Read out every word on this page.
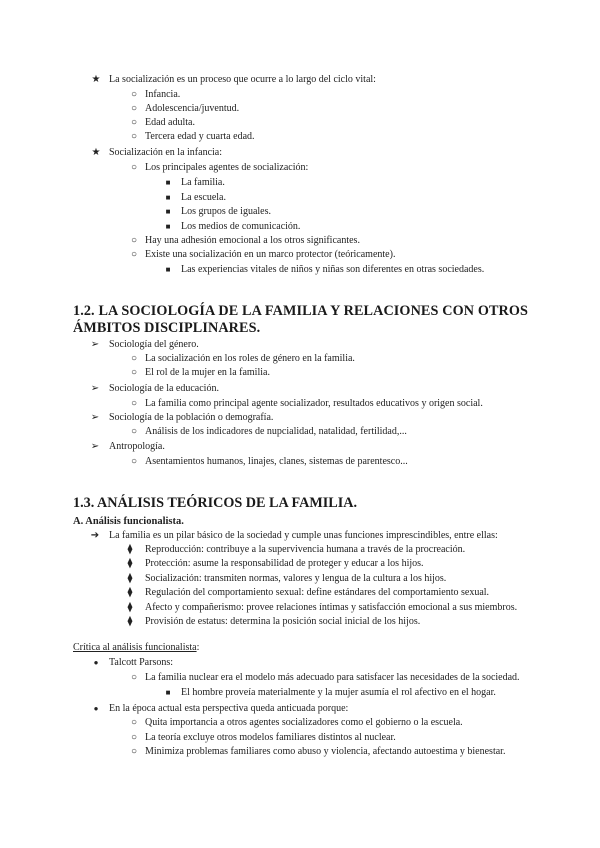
★ La socialización es un proceso que ocurre a lo largo del ciclo vital:
○ Infancia.
○ Adolescencia/juventud.
○ Edad adulta.
○ Tercera edad y cuarta edad.
★ Socialización en la infancia:
○ Los principales agentes de socialización:
■	La familia.
■	La escuela.
■	Los grupos de iguales.
■	Los medios de comunicación.
○ Hay una adhesión emocional a los otros significantes.
○ Existe una socialización en un marco protector (teóricamente).
■	Las experiencias vitales de niños y niñas son diferentes en otras sociedades.
1.2. LA SOCIOLOGÍA DE LA FAMILIA Y RELACIONES CON OTROS ÁMBITOS DISCIPLINARES.
➢ Sociología del género.
○ La socialización en los roles de género en la familia.
○ El rol de la mujer en la familia.
➢ Sociología de la educación.
○ La familia como principal agente socializador, resultados educativos y origen social.
➢ Sociología de la población o demografía.
○ Análisis de los indicadores de nupcialidad, natalidad, fertilidad,...
➢ Antropología.
○ Asentamientos humanos, linajes, clanes, sistemas de parentesco...
1.3. ANÁLISIS TEÓRICOS DE LA FAMILIA.
A. Análisis funcionalista.
➔ La familia es un pilar básico de la sociedad y cumple unas funciones imprescindibles, entre ellas:
⧫	Reproducción: contribuye a la supervivencia humana a través de la procreación.
⧫	Protección: asume la responsabilidad de proteger y educar a los hijos.
⧫	Socialización: transmiten normas, valores y lengua de la cultura a los hijos.
⧫	Regulación del comportamiento sexual: define estándares del comportamiento sexual.
⧫	Afecto y compañerismo: provee relaciones íntimas y satisfacción emocional a sus miembros.
⧫	Provisión de estatus: determina la posición social inicial de los hijos.
Crítica al análisis funcionalista:
●	Talcott Parsons:
○ La familia nuclear era el modelo más adecuado para satisfacer las necesidades de la sociedad.
■	El hombre proveía materialmente y la mujer asumía el rol afectivo en el hogar.
●	En la época actual esta perspectiva queda anticuada porque:
○ Quita importancia a otros agentes socializadores como el gobierno o la escuela.
○ La teoría excluye otros modelos familiares distintos al nuclear.
○ Minimiza problemas familiares como abuso y violencia, afectando autoestima y bienestar.
